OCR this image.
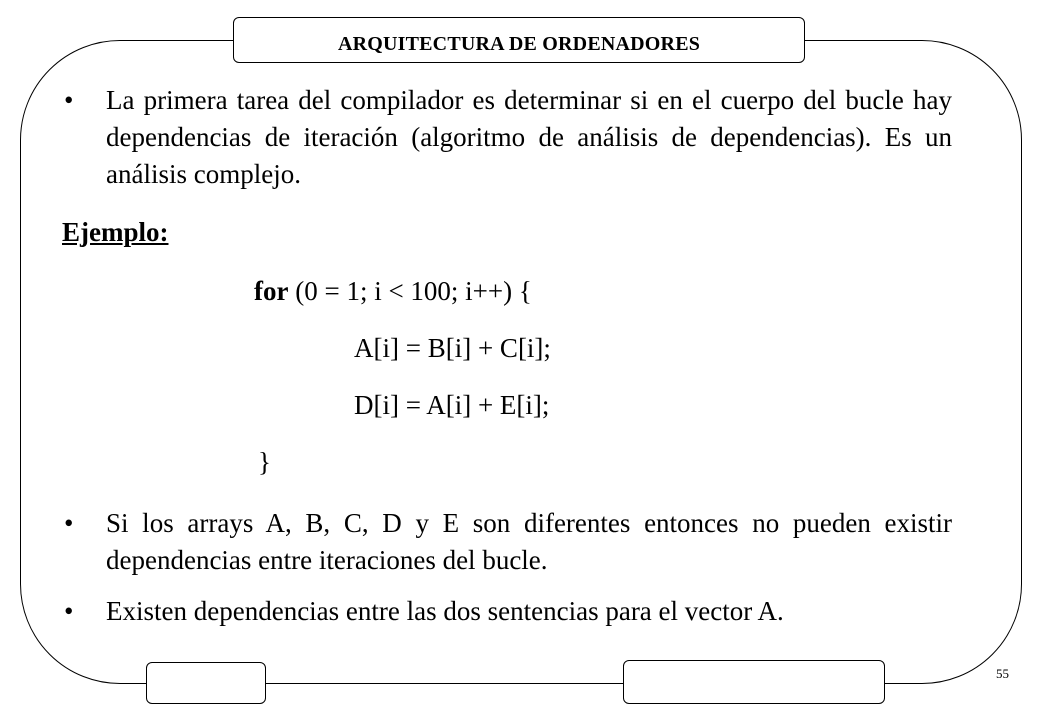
ARQUITECTURA DE ORDENADORES
• La primera tarea del compilador es determinar si en el cuerpo del bucle hay dependencias de iteración (algoritmo de análisis de dependencias). Es un análisis complejo.
Ejemplo:
for (0 = 1; i < 100; i++) {
A[i] = B[i] + C[i];
D[i] = A[i] + E[i];
}
• Si los arrays A, B, C, D y E son diferentes entonces no pueden existir dependencias entre iteraciones del bucle.
• Existen dependencias entre las dos sentencias para el vector A.
55
